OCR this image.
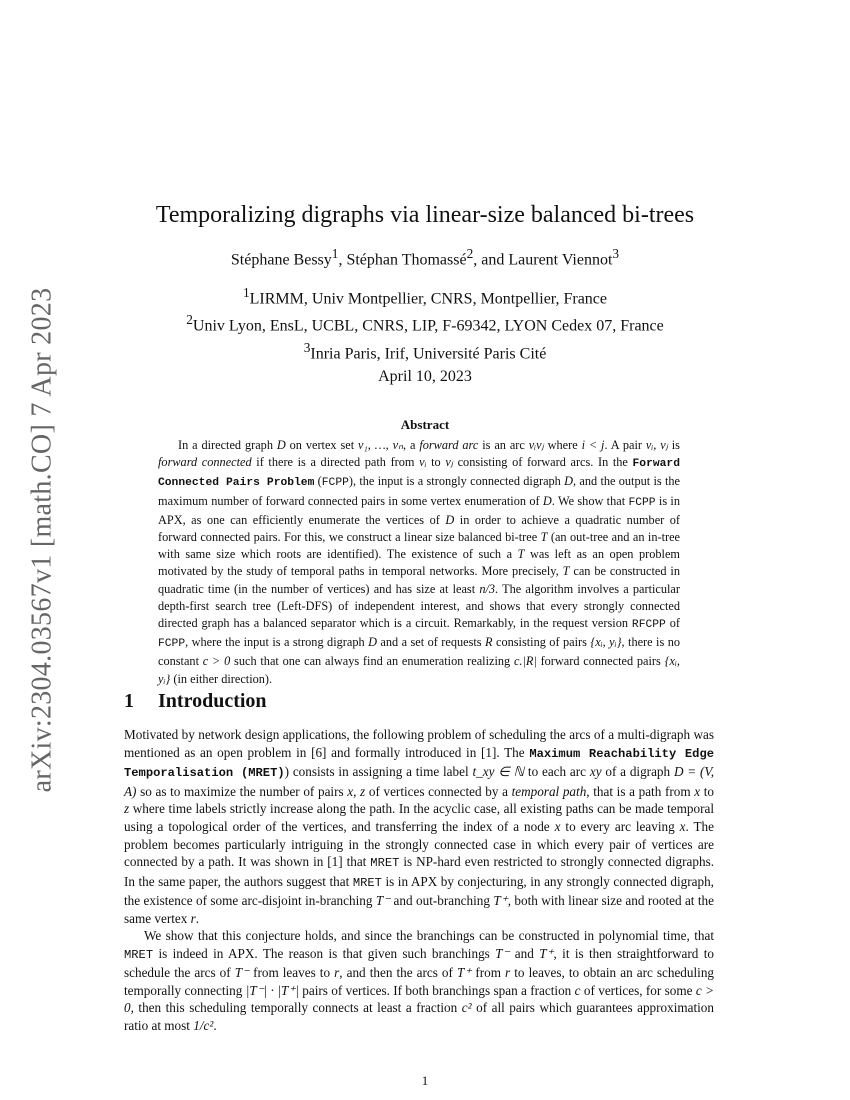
arXiv:2304.03567v1 [math.CO] 7 Apr 2023
Temporalizing digraphs via linear-size balanced bi-trees
Stéphane Bessy$^1$, Stéphan Thomassé$^2$, and Laurent Viennot$^3$
$^1$LIRMM, Univ Montpellier, CNRS, Montpellier, France
$^2$Univ Lyon, EnsL, UCBL, CNRS, LIP, F-69342, LYON Cedex 07, France
$^3$Inria Paris, Irif, Université Paris Cité
April 10, 2023
Abstract

In a directed graph D on vertex set v₁, …, vₙ, a forward arc is an arc vᵢvⱼ where i < j. A pair vᵢ, vⱼ is forward connected if there is a directed path from vᵢ to vⱼ consisting of forward arcs. In the Forward Connected Pairs Problem (FCPP), the input is a strongly connected digraph D, and the output is the maximum number of forward connected pairs in some vertex enumeration of D. We show that FCPP is in APX, as one can efficiently enumerate the vertices of D in order to achieve a quadratic number of forward connected pairs. For this, we construct a linear size balanced bi-tree T (an out-tree and an in-tree with same size which roots are identified). The existence of such a T was left as an open problem motivated by the study of temporal paths in temporal networks. More precisely, T can be constructed in quadratic time (in the number of vertices) and has size at least n/3. The algorithm involves a particular depth-first search tree (Left-DFS) of independent interest, and shows that every strongly connected directed graph has a balanced separator which is a circuit. Remarkably, in the request version RFCPP of FCPP, where the input is a strong digraph D and a set of requests R consisting of pairs {xᵢ, yᵢ}, there is no constant c > 0 such that one can always find an enumeration realizing c.|R| forward connected pairs {xᵢ, yᵢ} (in either direction).

1 Introduction

Motivated by network design applications, the following problem of scheduling the arcs of a multi-digraph was mentioned as an open problem in [6] and formally introduced in [1]. The Maximum Reachability Edge Temporalisation (MRET)) consists in assigning a time label t_xy ∈ ℕ to each arc xy of a digraph D = (V, A) so as to maximize the number of pairs x, z of vertices connected by a temporal path, that is a path from x to z where time labels strictly increase along the path. In the acyclic case, all existing paths can be made temporal using a topological order of the vertices, and transferring the index of a node x to every arc leaving x. The problem becomes particularly intriguing in the strongly connected case in which every pair of vertices are connected by a path. It was shown in [1] that MRET is NP-hard even restricted to strongly connected digraphs. In the same paper, the authors suggest that MRET is in APX by conjecturing, in any strongly connected digraph, the existence of some arc-disjoint in-branching T⁻ and out-branching T⁺, both with linear size and rooted at the same vertex r.

We show that this conjecture holds, and since the branchings can be constructed in polynomial time, that MRET is indeed in APX. The reason is that given such branchings T⁻ and T⁺, it is then straightforward to schedule the arcs of T⁻ from leaves to r, and then the arcs of T⁺ from r to leaves, to obtain an arc scheduling temporally connecting |T⁻| · |T⁺| pairs of vertices. If both branchings span a fraction c of vertices, for some c > 0, then this scheduling temporally connects at least a fraction c² of all pairs which guarantees approximation ratio at most 1/c².

1
